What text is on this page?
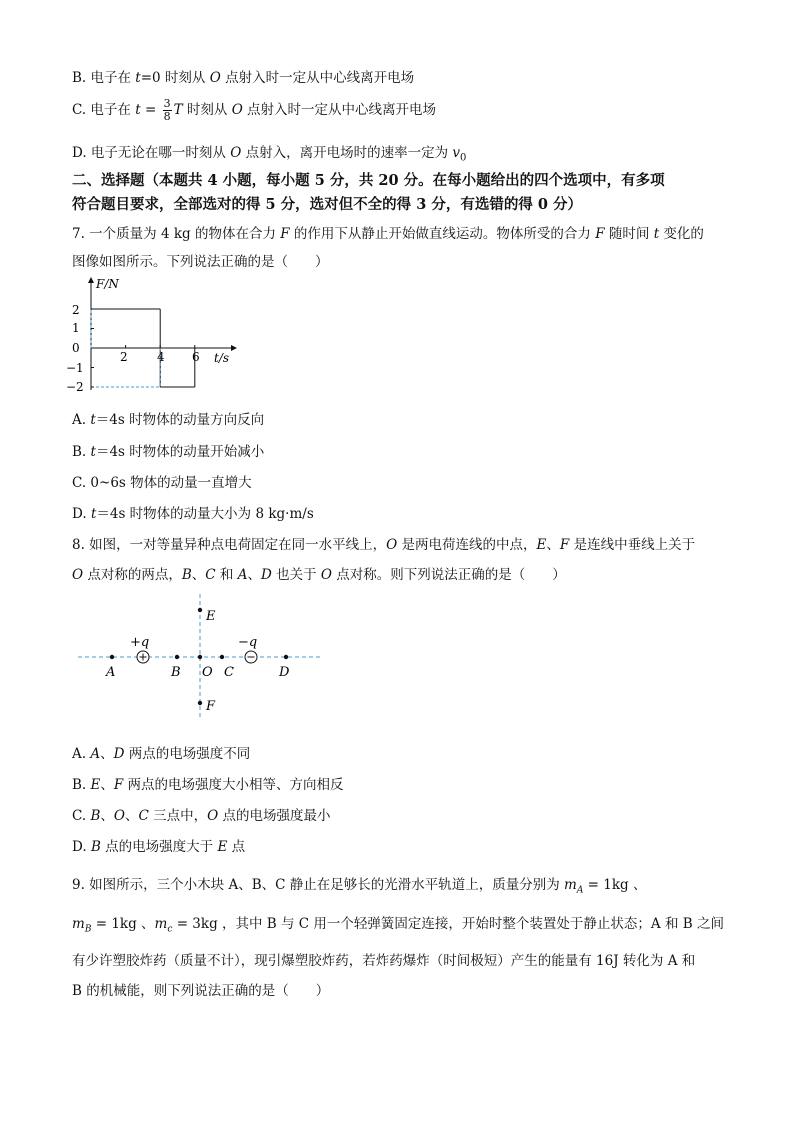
B. 电子在 t=0 时刻从 O 点射入时一定从中心线离开电场
C. 电子在 $t = \frac{3}{8}$ T 时刻从 O 点射入时一定从中心线离开电场
D. 电子无论在哪一时刻从 O 点射入，离开电场时的速率一定为 $v_0$
二、选择题（本题共 4 小题，每小题 5 分，共 20 分。在每小题给出的四个选项中，有多项
符合题目要求，全部选对的得 5 分，选对但不全的得 3 分，有选错的得 0 分）
7. 一个质量为 4 kg 的物体在合力 F 的作用下从静止开始做直线运动。物体所受的合力 F 随时间 t 变化的
图像如图所示。下列说法正确的是（　　）
F/N
t/s
2
1
0
−1
−2
2 4 6
A. t＝4s 时物体的动量方向反向
B. t＝4s 时物体的动量开始减小
C. 0~6s 物体的动量一直增大
D. t＝4s 时物体的动量大小为 8 kg·m/s
8. 如图，一对等量异种点电荷固定在同一水平线上，O 是两电荷连线的中点，E、F 是连线中垂线上关于
O 点对称的两点，B、C 和 A、D 也关于 O 点对称。则下列说法正确的是（　　）
+q	−q
E
F
A	B O C	D
A. A、D 两点的电场强度不同
B. E、F 两点的电场强度大小相等、方向相反
C. B、O、C 三点中，O 点的电场强度最小
D. B 点的电场强度大于 E 点
9. 如图所示，三个小木块 A、B、C 静止在足够长的光滑水平轨道上，质量分别为 $m_A = 1kg$ 、
$m_B = 1kg$ 、$m_c = 3kg$ ，其中 B 与 C 用一个轻弹簧固定连接，开始时整个装置处于静止状态；A 和 B 之间
有少许塑胶炸药（质量不计），现引爆塑胶炸药，若炸药爆炸（时间极短）产生的能量有 16J 转化为 A 和
B 的机械能，则下列说法正确的是（　　）
